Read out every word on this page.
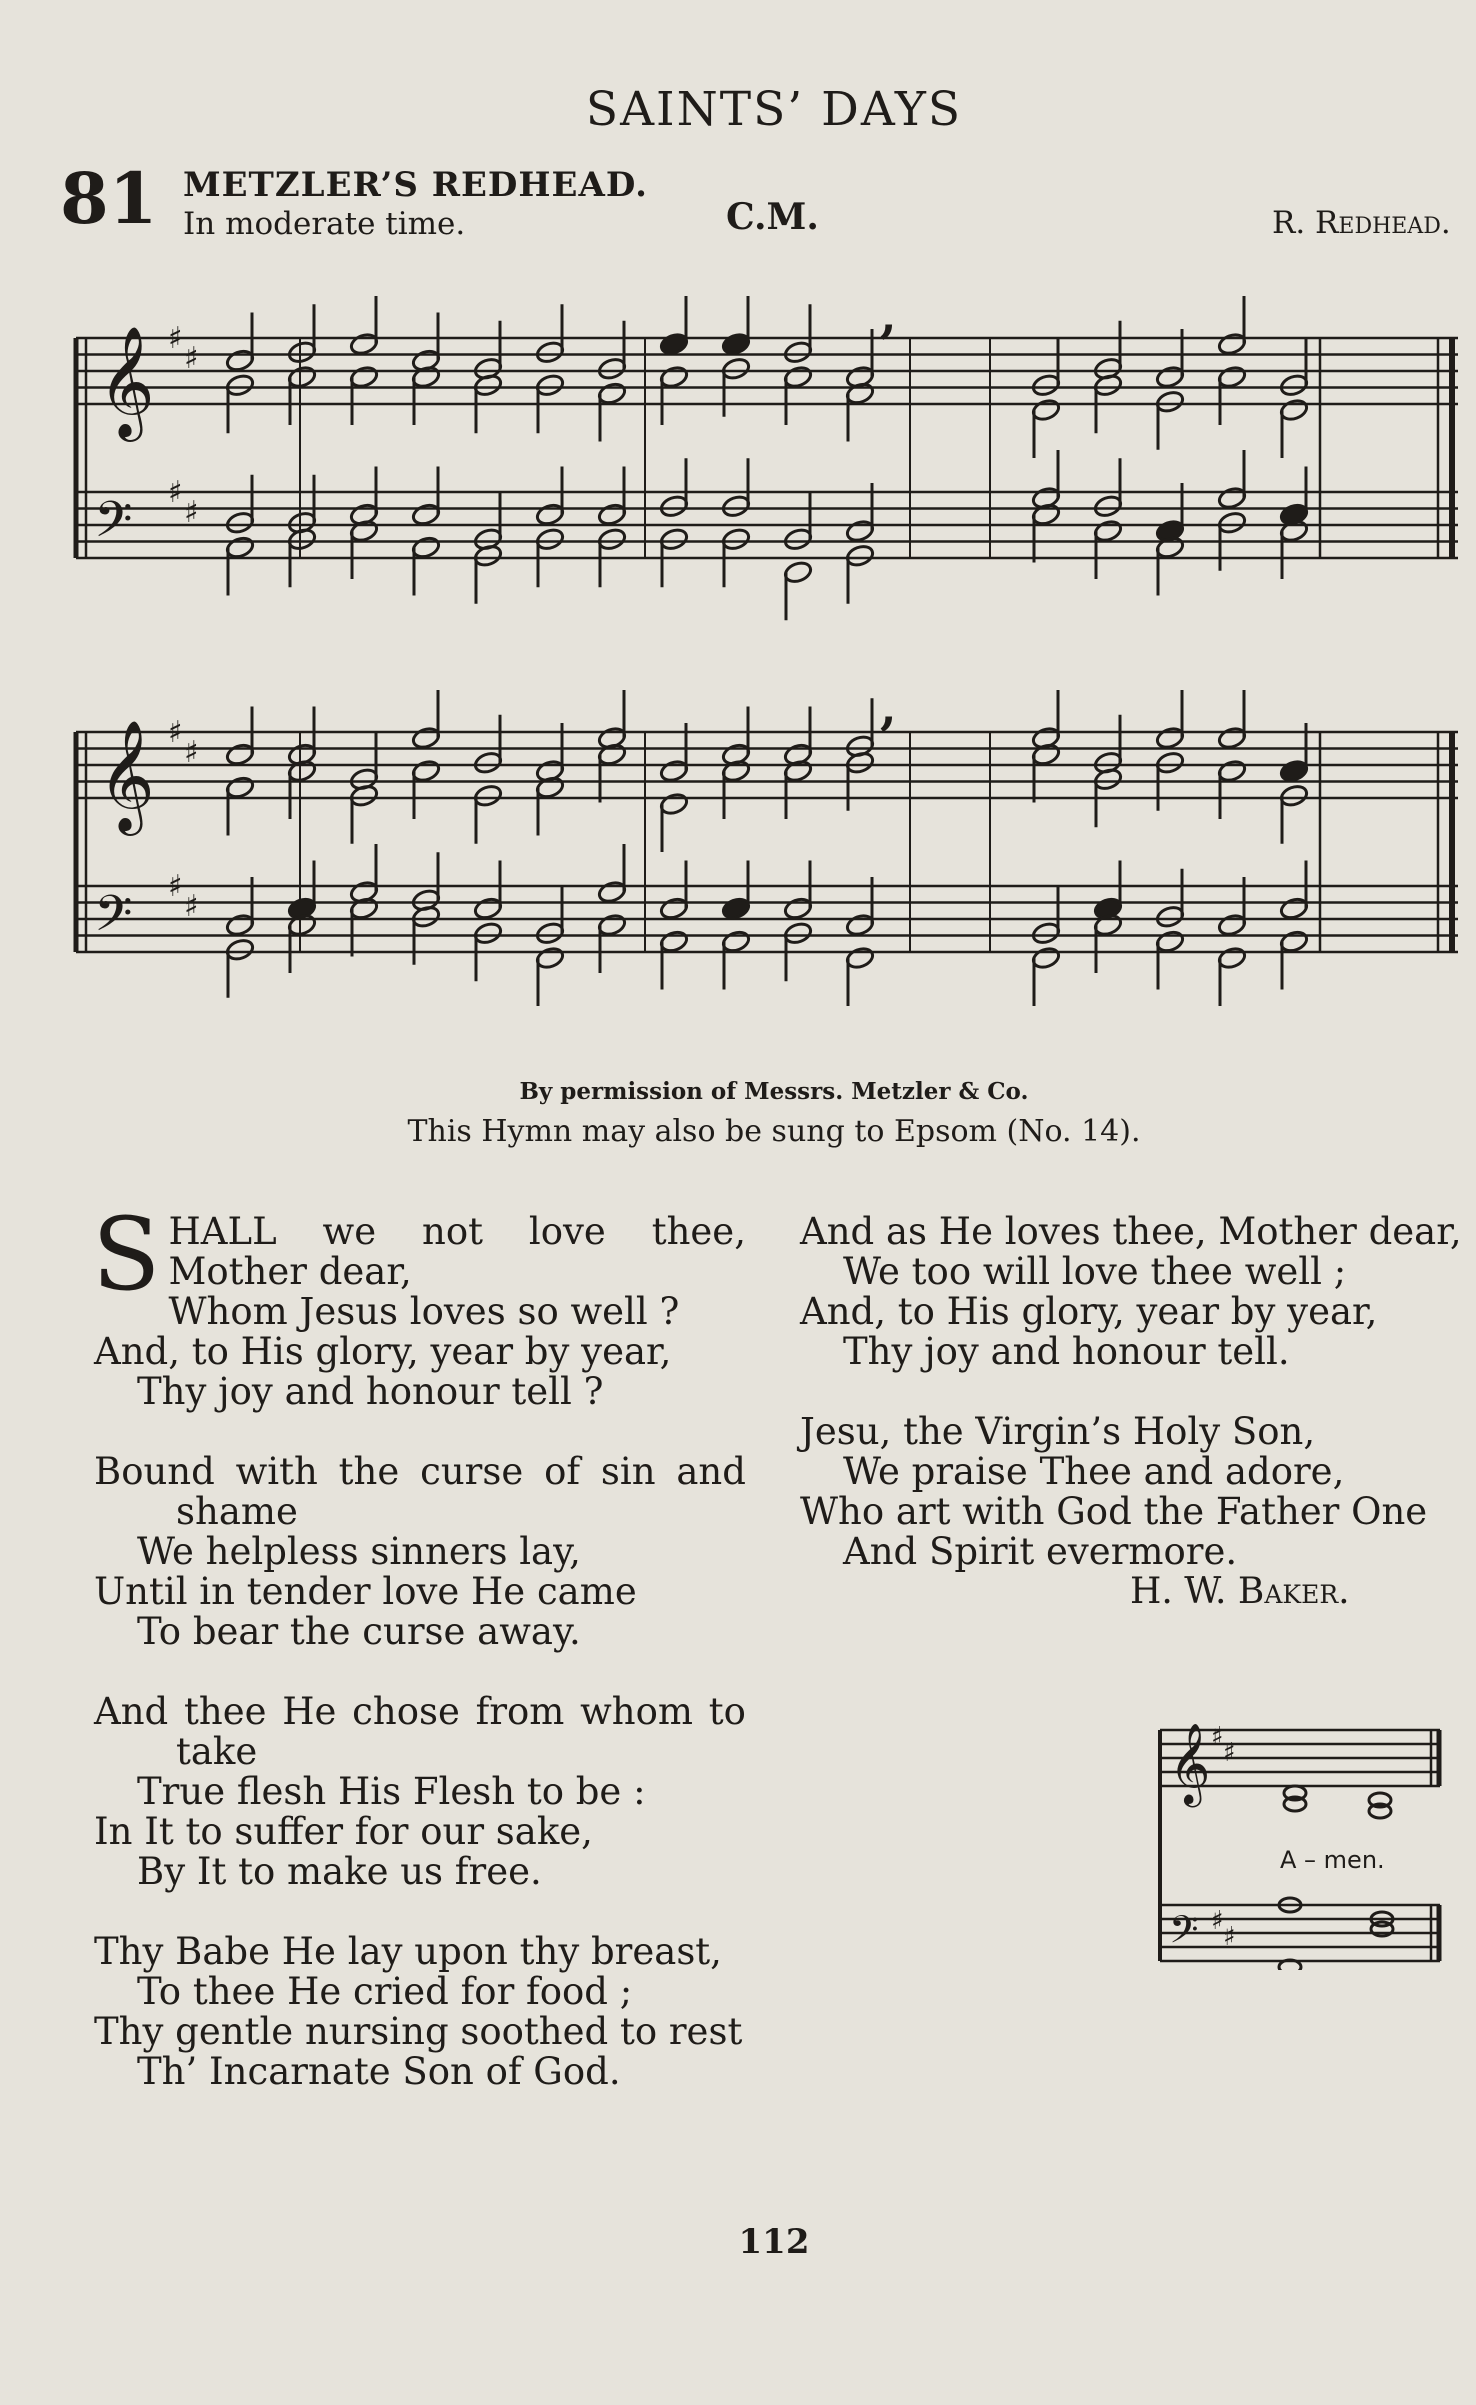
SAINTS’ DAYS
81 METZLER’S REDHEAD.
In moderate time.	C.M.	R. Redhead.
𝄞 ♯
♯
𝄢 ♯
♯
𝄞 ♯
♯
𝄢 ♯
♯
,
,
By permission of Messrs. Metzler & Co.
This Hymn may also be sung to Epsom (No. 14).
S HALL we not love thee,
Mother dear,
Whom Jesus loves so well ?
And, to His glory, year by year,
Thy joy and honour tell ?
Bound with the curse of sin and
shame
We helpless sinners lay,
Until in tender love He came
To bear the curse away.
And thee He chose from whom to
take
True flesh His Flesh to be :
In It to suffer for our sake,
By It to make us free.
Thy Babe He lay upon thy breast,
To thee He cried for food ;
Thy gentle nursing soothed to rest
Th’ Incarnate Son of God.
And as He loves thee, Mother dear,
We too will love thee well ;
And, to His glory, year by year,
Thy joy and honour tell.
Jesu, the Virgin’s Holy Son,
We praise Thee and adore,
Who art with God the Father One
And Spirit evermore.
H. W. Baker.
𝄞 ♯
♯
𝄢 ♯
♯
A – men.
112
